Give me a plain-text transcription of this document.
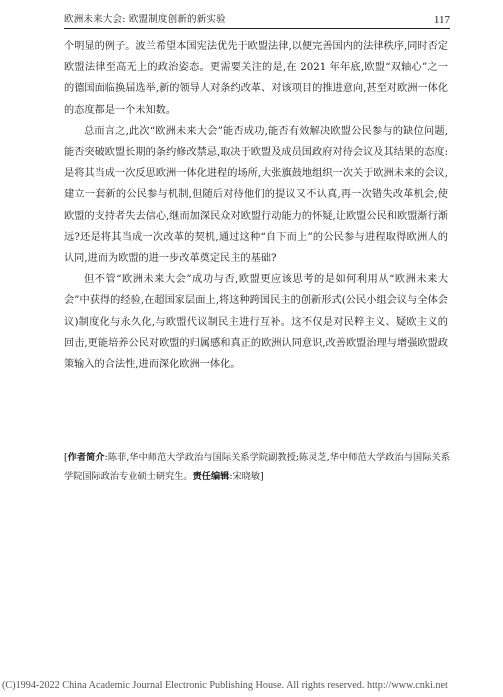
欧洲未来大会: 欧盟制度创新的新实验	117

个明显的例子。波兰希望本国宪法优先于欧盟法律,以便完善国内的法律秩序,同时否定欧盟法律至高无上的政治姿态。更需要关注的是,在 2021 年年底,欧盟“双轴心”之一的德国面临换届选举,新的领导人对条约改革、对该项目的推进意向,甚至对欧洲一体化的态度都是一个未知数。

总而言之,此次“欧洲未来大会”能否成功,能否有效解决欧盟公民参与的缺位问题,能否突破欧盟长期的条约修改禁忌,取决于欧盟及成员国政府对待会议及其结果的态度:是将其当成一次反思欧洲一体化进程的场所,大张旗鼓地组织一次关于欧洲未来的会议,建立一套新的公民参与机制,但随后对待他们的提议又不认真,再一次错失改革机会,使欧盟的支持者失去信心,继而加深民众对欧盟行动能力的怀疑,让欧盟公民和欧盟渐行渐远?还是将其当成一次改革的契机,通过这种“自下而上”的公民参与进程取得欧洲人的认同,进而为欧盟的进一步改革奠定民主的基础?

但不管“欧洲未来大会”成功与否,欧盟更应该思考的是如何利用从“欧洲未来大会”中获得的经验,在超国家层面上,将这种跨国民主的创新形式(公民小组会议与全体会议)制度化与永久化,与欧盟代议制民主进行互补。这不仅是对民粹主义、疑欧主义的回击,更能培养公民对欧盟的归属感和真正的欧洲认同意识,改善欧盟治理与增强欧盟政策输入的合法性,进而深化欧洲一体化。

[作者简介:陈菲,华中师范大学政治与国际关系学院副教授;陈灵芝,华中师范大学政治与国际关系学院国际政治专业硕士研究生。责任编辑:宋晓敏]
(C)1994-2022 China Academic Journal Electronic Publishing House. All rights reserved. http://www.cnki.net
